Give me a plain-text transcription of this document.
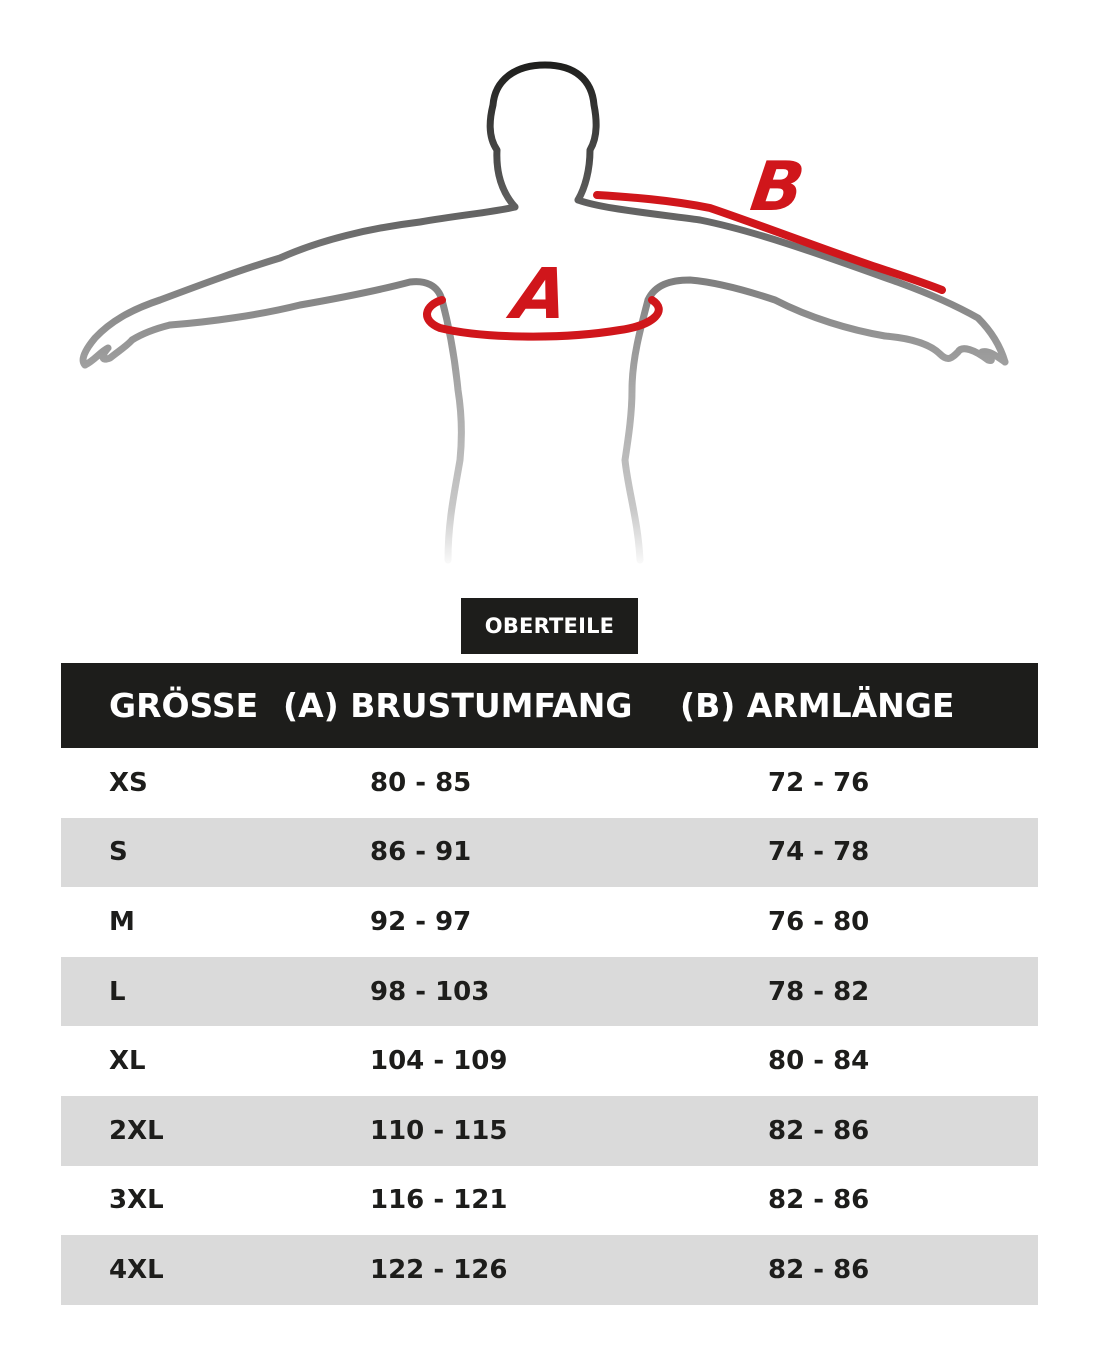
A
B
OBERTEILE
GRÖSSE	(A) BRUSTUMFANG	(B) ARMLÄNGE
XS	80 - 85	72 - 76
S	86 - 91	74 - 78
M	92 - 97	76 - 80
L	98 - 103	78 - 82
XL	104 - 109	80 - 84
2XL	110 - 115	82 - 86
3XL	116 - 121	82 - 86
4XL	122 - 126	82 - 86
